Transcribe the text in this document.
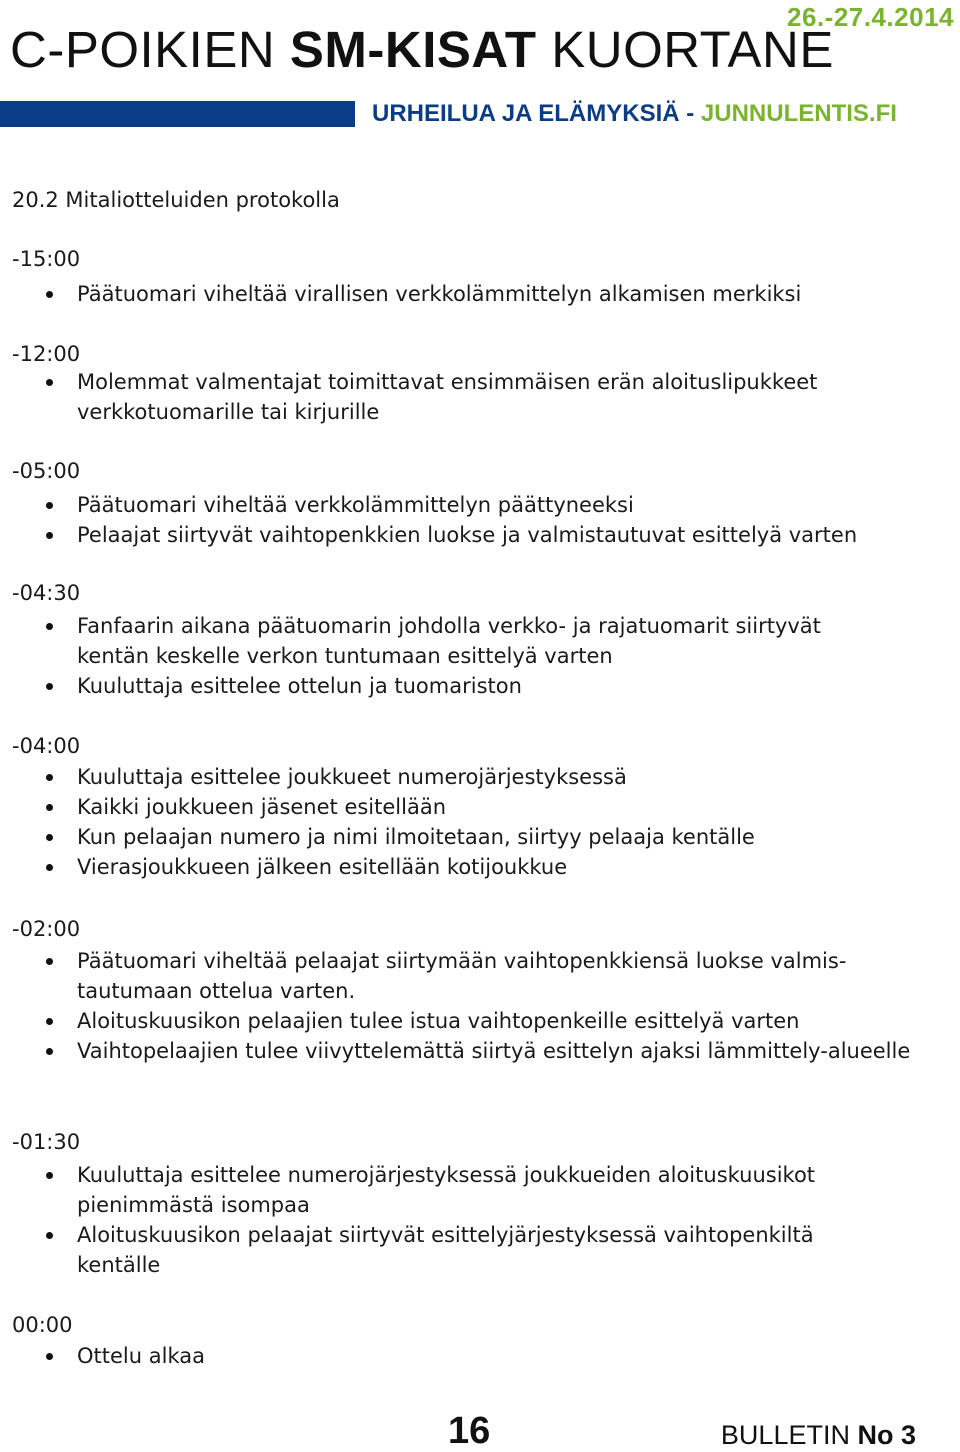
26.-27.4.2014
C-POIKIEN SM-KISAT KUORTANE
URHEILUA JA ELÄMYKSIÄ - JUNNULENTIS.FI
20.2 Mitaliotteluiden protokolla
-15:00
Päätuomari viheltää virallisen verkkolämmittelyn alkamisen merkiksi
-12:00
Molemmat valmentajat toimittavat ensimmäisen erän aloituslipukkeet verkkotuomarille tai kirjurille
-05:00
Päätuomari viheltää verkkolämmittelyn päättyneeksi
Pelaajat siirtyvät vaihtopenkkien luokse ja valmistautuvat esittelyä varten
-04:30
Fanfaarin aikana päätuomarin johdolla verkko- ja rajatuomarit siirtyvät kentän keskelle verkon tuntumaan esittelyä varten
Kuuluttaja esittelee ottelun ja tuomariston
-04:00
Kuuluttaja esittelee joukkueet numerojärjestyksessä
Kaikki joukkueen jäsenet esitellään
Kun pelaajan numero ja nimi ilmoitetaan, siirtyy pelaaja kentälle
Vierasjoukkueen jälkeen esitellään kotijoukkue
-02:00
Päätuomari viheltää pelaajat siirtymään vaihtopenkkiensä luokse valmis-tautumaan ottelua varten.
Aloituskuusikon pelaajien tulee istua vaihtopenkeille esittelyä varten
Vaihtopelaajien tulee viivyttelemättä siirtyä esittelyn ajaksi lämmittely-alueelle
-01:30
Kuuluttaja esittelee numerojärjestyksessä joukkueiden aloituskuusikot pienimmästä isompaa
Aloituskuusikon pelaajat siirtyvät esittelyjärjestyksessä vaihtopenkiltä kentälle
00:00
Ottelu alkaa
16	BULLETIN No 3
